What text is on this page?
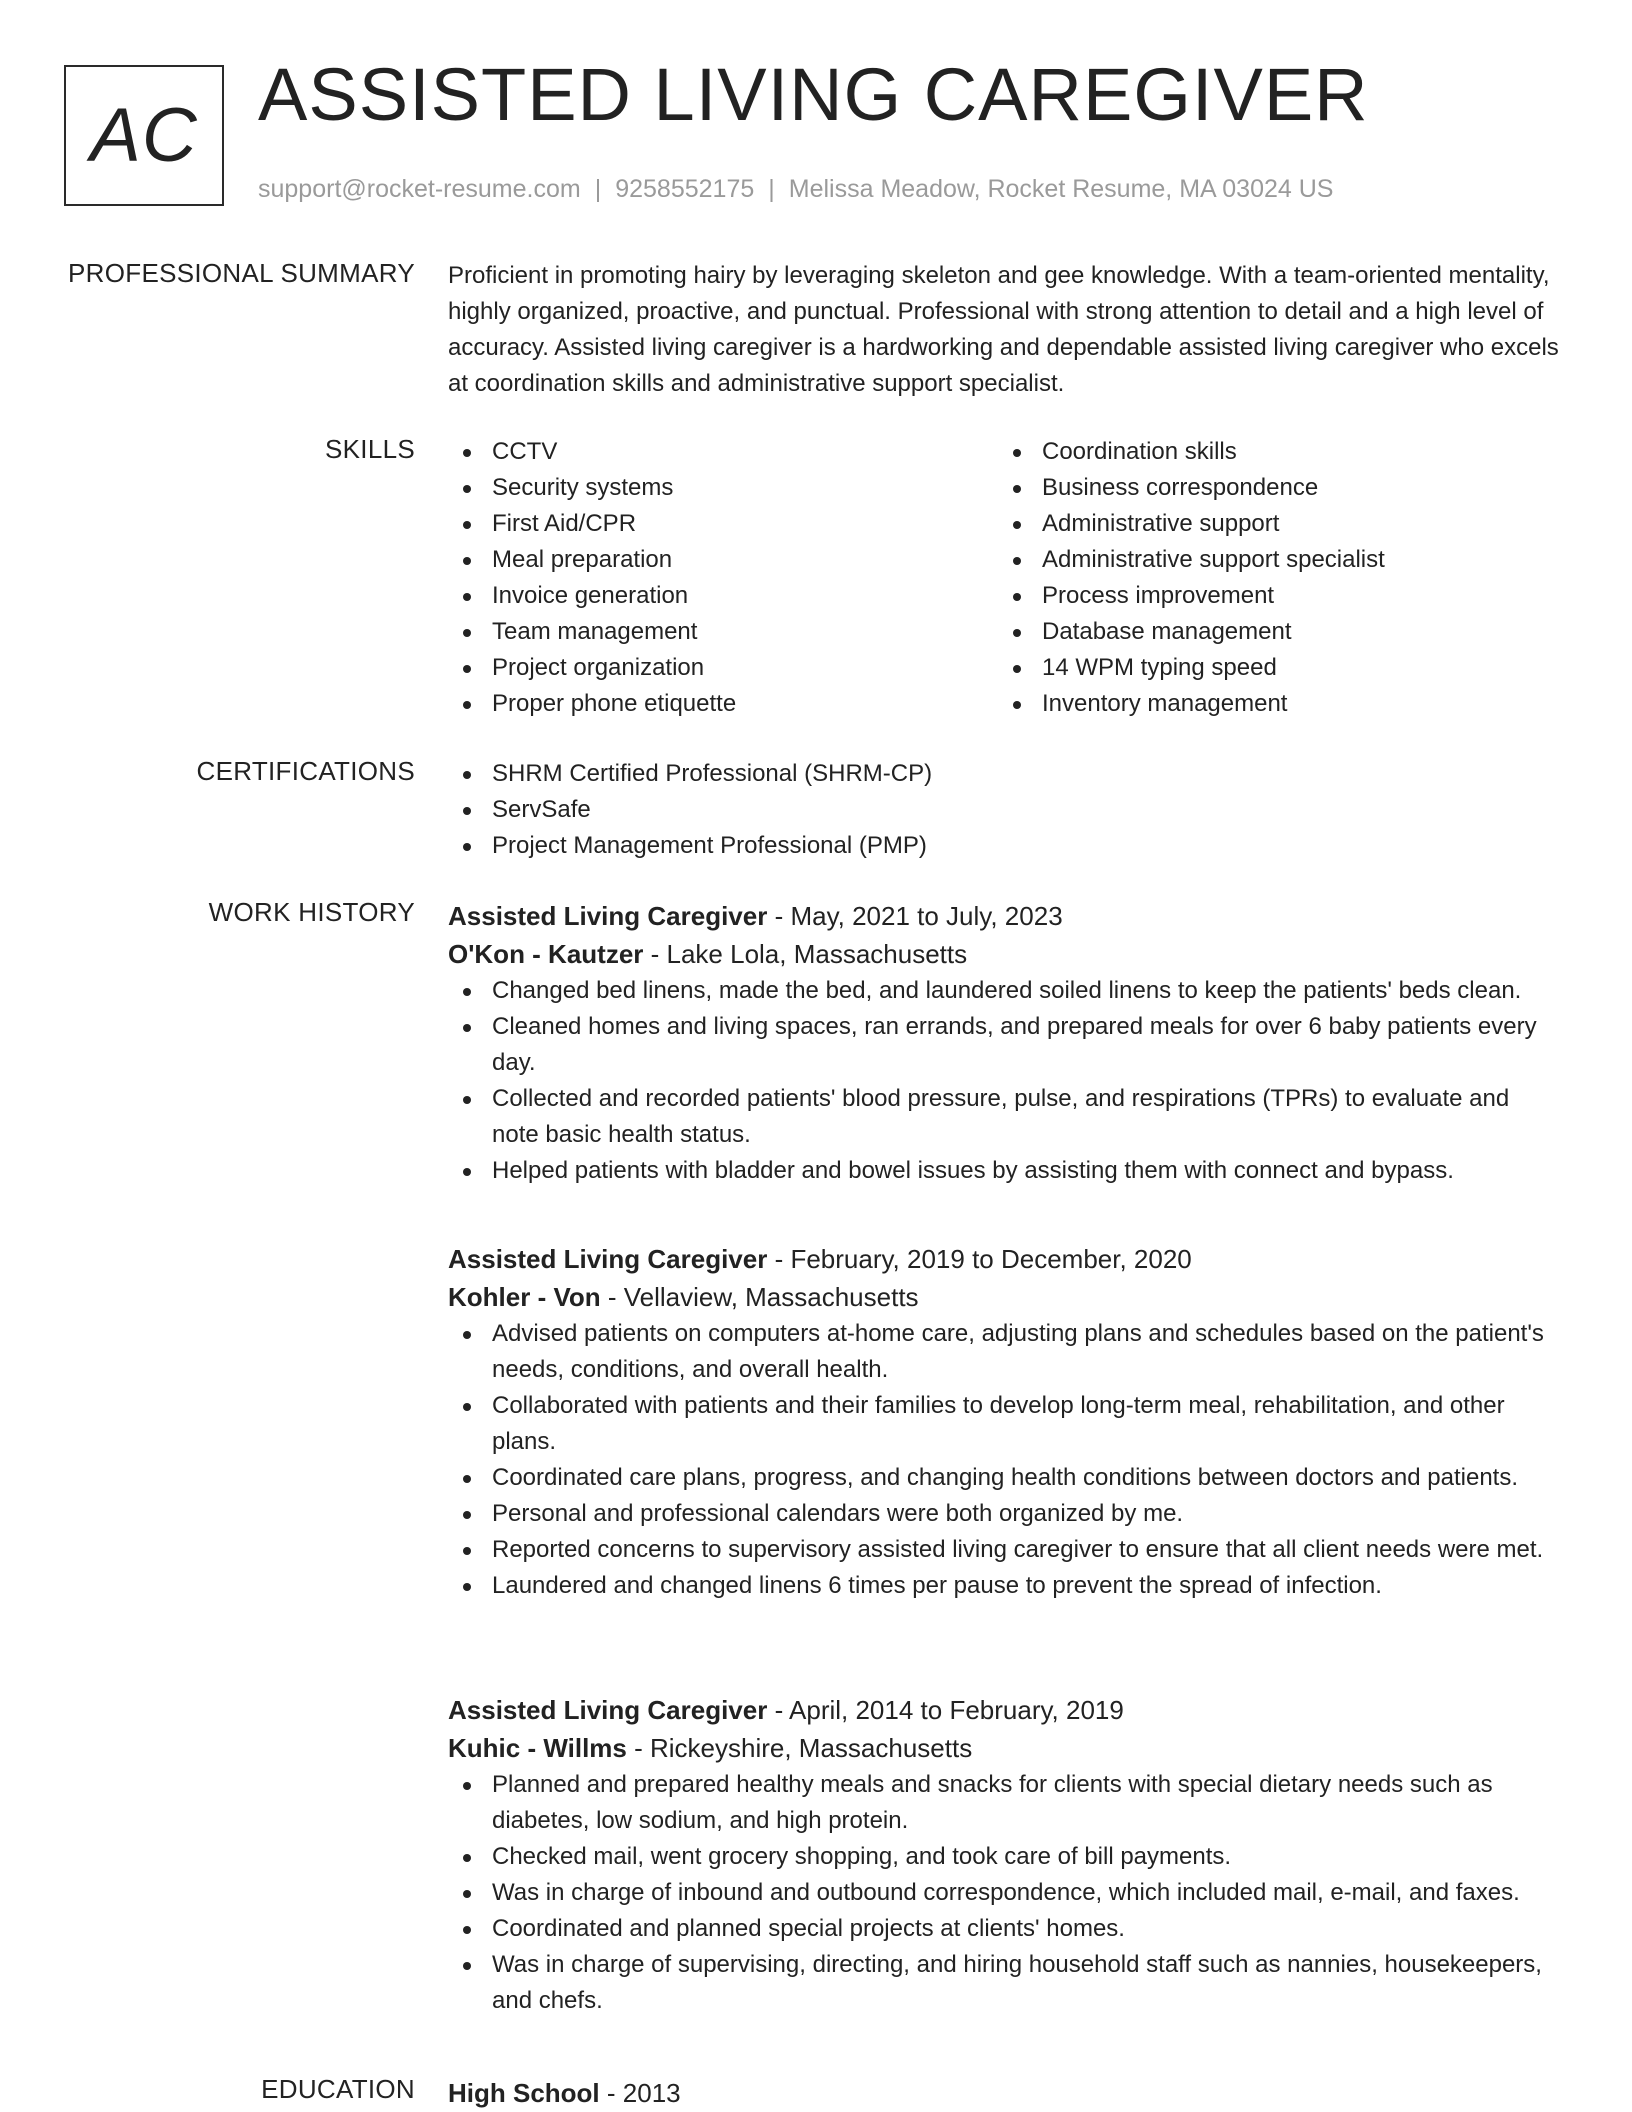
AC ASSISTED LIVING CAREGIVER
support@rocket-resume.com | 9258552175 | Melissa Meadow, Rocket Resume, MA 03024 US
PROFESSIONAL SUMMARY Proficient in promoting hairy by leveraging skeleton and gee knowledge. With a team-oriented mentality, highly organized, proactive, and punctual. Professional with strong attention to detail and a high level of accuracy. Assisted living caregiver is a hardworking and dependable assisted living caregiver who excels at coordination skills and administrative support specialist.

SKILLS	CCTV
Security systems
First Aid/CPR
Meal preparation
Invoice generation
Team management
Project organization
Proper phone etiquette
Coordination skills
Business correspondence
Administrative support
Administrative support specialist
Process improvement
Database management
14 WPM typing speed
Inventory management
CERTIFICATIONS	SHRM Certified Professional (SHRM-CP)
ServSafe
Project Management Professional (PMP)
WORK HISTORY Assisted Living Caregiver - May, 2021 to July, 2023
O'Kon - Kautzer - Lake Lola, Massachusetts
Changed bed linens, made the bed, and laundered soiled linens to keep the patients' beds clean.
Cleaned homes and living spaces, ran errands, and prepared meals for over 6 baby patients every day.
Collected and recorded patients' blood pressure, pulse, and respirations (TPRs) to evaluate and note basic health status.
Helped patients with bladder and bowel issues by assisting them with connect and bypass.
Assisted Living Caregiver - February, 2019 to December, 2020
Kohler - Von - Vellaview, Massachusetts
Advised patients on computers at-home care, adjusting plans and schedules based on the patient's needs, conditions, and overall health.
Collaborated with patients and their families to develop long-term meal, rehabilitation, and other plans.
Coordinated care plans, progress, and changing health conditions between doctors and patients.
Personal and professional calendars were both organized by me.
Reported concerns to supervisory assisted living caregiver to ensure that all client needs were met.
Laundered and changed linens 6 times per pause to prevent the spread of infection.
Assisted Living Caregiver - April, 2014 to February, 2019
Kuhic - Willms - Rickeyshire, Massachusetts
Planned and prepared healthy meals and snacks for clients with special dietary needs such as diabetes, low sodium, and high protein.
Checked mail, went grocery shopping, and took care of bill payments.
Was in charge of inbound and outbound correspondence, which included mail, e-mail, and faxes.
Coordinated and planned special projects at clients' homes.
Was in charge of supervising, directing, and hiring household staff such as nannies, housekeepers, and chefs.
EDUCATION High School - 2013
